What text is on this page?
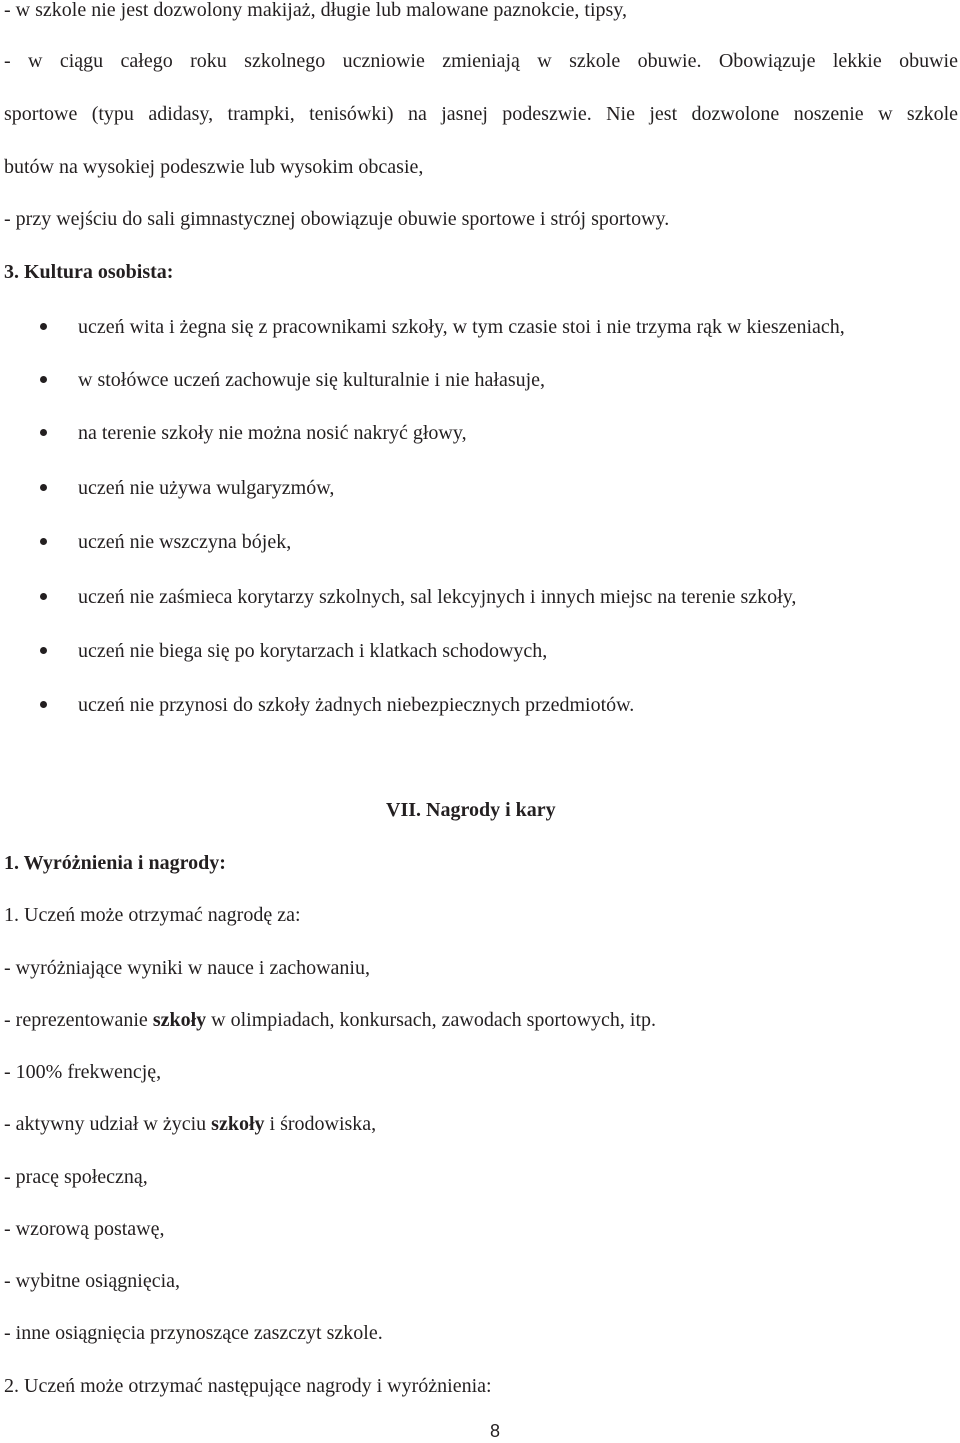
- w szkole nie jest dozwolony makijaż, długie lub malowane paznokcie, tipsy,
- w ciągu całego roku szkolnego uczniowie zmieniają w szkole obuwie. Obowiązuje lekkie obuwie
sportowe (typu adidasy, trampki, tenisówki) na jasnej podeszwie. Nie jest dozwolone noszenie w szkole
butów na wysokiej podeszwie lub wysokim obcasie,
- przy wejściu do sali gimnastycznej obowiązuje obuwie sportowe i strój sportowy.
3. Kultura osobista:
uczeń wita i żegna się z pracownikami szkoły, w tym czasie stoi i nie trzyma rąk w kieszeniach,
w stołówce uczeń zachowuje się kulturalnie i nie hałasuje,
na terenie szkoły nie można nosić nakryć głowy,
uczeń nie używa wulgaryzmów,
uczeń nie wszczyna bójek,
uczeń nie zaśmieca korytarzy szkolnych, sal lekcyjnych i innych miejsc na terenie szkoły,
uczeń nie biega się po korytarzach i klatkach schodowych,
uczeń nie przynosi do szkoły żadnych niebezpiecznych przedmiotów.
VII. Nagrody i kary
1. Wyróżnienia i nagrody:
1. Uczeń może otrzymać nagrodę za:
- wyróżniające wyniki w nauce i zachowaniu,
- reprezentowanie szkoły w olimpiadach, konkursach, zawodach sportowych, itp.
- 100% frekwencję,
- aktywny udział w życiu szkoły i środowiska,
- pracę społeczną,
- wzorową postawę,
- wybitne osiągnięcia,
- inne osiągnięcia przynoszące zaszczyt szkole.
2. Uczeń może otrzymać następujące nagrody i wyróżnienia:
8
